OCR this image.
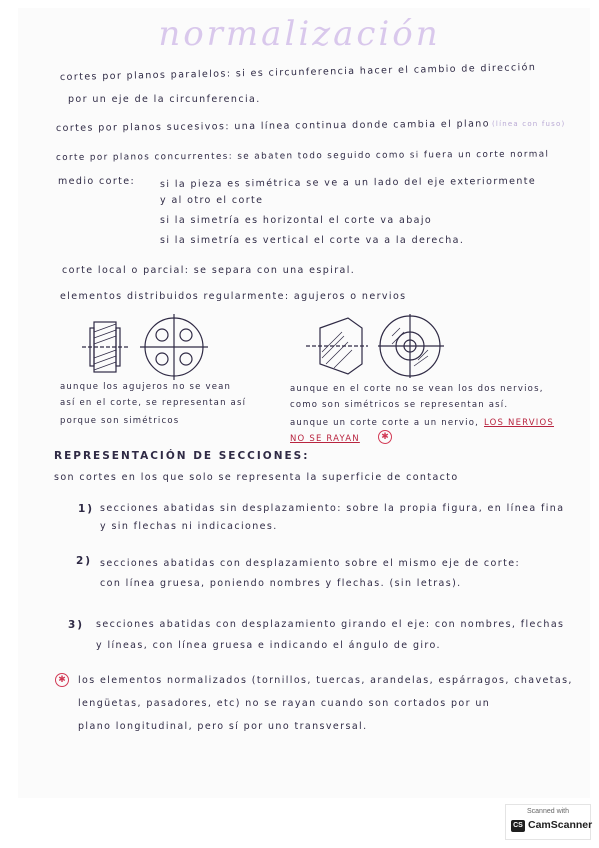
normalización
cortes por planos paralelos: si es circunferencia hacer el cambio de dirección
por un eje de la circunferencia.
cortes por planos sucesivos: una línea continua donde cambia el plano (línea con fuso)
corte por planos concurrentes: se abaten todo seguido como si fuera un corte normal
medio corte:	si la pieza es simétrica se ve a un lado del eje exteriormente
y al otro el corte
si la simetría es horizontal el corte va abajo
si la simetría es vertical el corte va a la derecha.
corte local o parcial: se separa con una espiral.
elementos distribuidos regularmente: agujeros o nervios
aunque los agujeros no se vean
así en el corte, se representan así
porque son simétricos
aunque en el corte no se vean los dos nervios,
como son simétricos se representan así.
aunque un corte corte a un nervio, LOS NERVIOS
NO SE RAYAN	✱
REPRESENTACIÓN DE SECCIONES:
son cortes en los que solo se representa la superficie de contacto
1) secciones abatidas sin desplazamiento: sobre la propia figura, en línea fina
y sin flechas ni indicaciones.
2) secciones abatidas con desplazamiento sobre el mismo eje de corte:
con línea gruesa, poniendo nombres y flechas. (sin letras).
3) secciones abatidas con desplazamiento girando el eje: con nombres, flechas
y líneas, con línea gruesa e indicando el ángulo de giro.
✱	los elementos normalizados (tornillos, tuercas, arandelas, espárragos, chavetas,
lengüetas, pasadores, etc) no se rayan cuando son cortados por un
plano longitudinal, pero sí por uno transversal.
Scanned with
CS CamScanner
